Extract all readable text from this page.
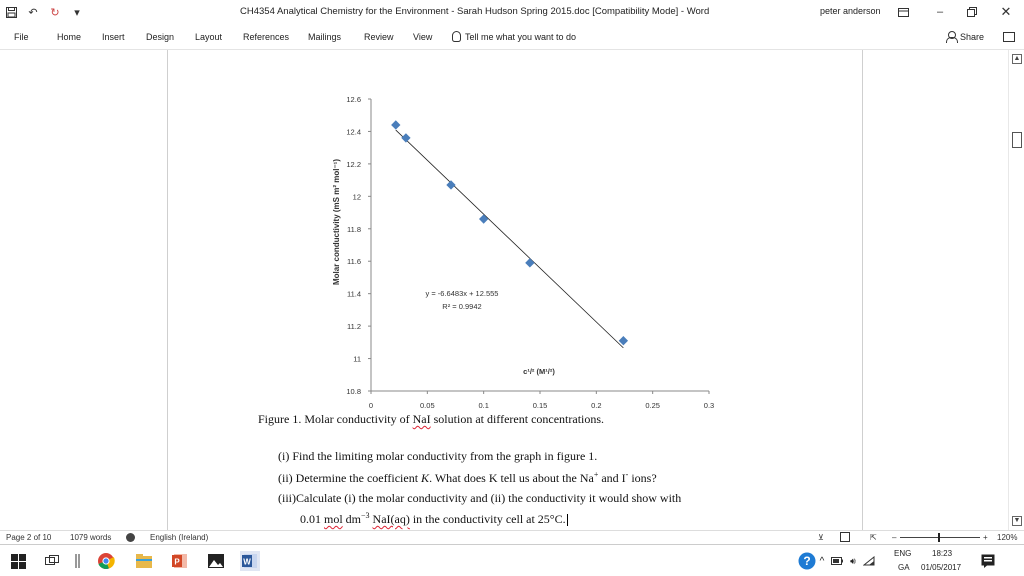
↶ ↻	▾	CH4354 Analytical Chemistry for the Environment - Sarah Hudson Spring 2015.doc [Compatibility Mode] - Word	peter anderson	–	✕
File	Home Insert Design Layout References Mailings	Review View	Tell me what you want to do	Share
10.8
11
11.2
11.4
11.6
11.8
12
12.2
12.4
12.6
0	0.05	0.1	0.15	0.2	0.25	0.3
Molar conductivity (mS m² mol⁻¹)
c¹/² (M¹/²)
y = -6.6483x + 12.555
R² = 0.9942
Figure 1. Molar conductivity of NaI solution at different concentrations.
(i) Find the limiting molar conductivity from the graph in figure 1.
(ii) Determine the coefficient K. What does K tell us about the Na+ and I- ions?
(iii)Calculate (i) the molar conductivity and (ii) the conductivity it would show with
0.01 mol $dm^{-3}$ NaI(aq) in the conductivity cell at 25°C.
▲
▼
Page 2 of 10 1079 words	English (Ireland)	⊻	⇱ –	+ 120%
P	W	? ^	🔊︎
ENG
GA
18:23
01/05/2017
